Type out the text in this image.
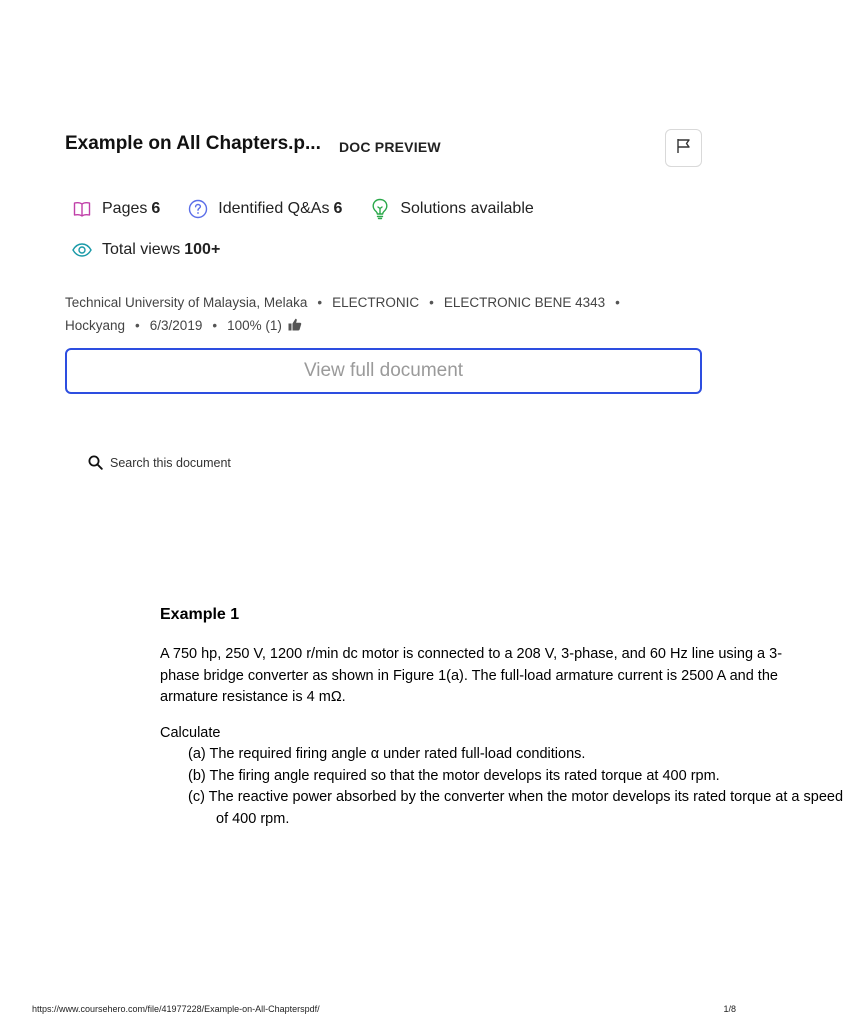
Example on All Chapters.p... DOC PREVIEW
Pages 6	Identified Q&As 6	Solutions available
Total views 100+
Technical University of Malaysia, Melaka • ELECTRONIC • ELECTRONIC BENE 4343 •
Hockyang • 6/3/2019 • 100% (1)
View full document
Search this document
Example 1

A 750 hp, 250 V, 1200 r/min dc motor is connected to a 208 V, 3-phase, and 60 Hz line using a 3-

phase bridge converter as shown in Figure 1(a). The full-load armature current is 2500 A and the

armature resistance is 4 mΩ.

Calculate

(a) The required firing angle α under rated full-load conditions.

(b) The firing angle required so that the motor develops its rated torque at 400 rpm.

(c) The reactive power absorbed by the converter when the motor develops its rated torque at a speed

of 400 rpm.

https://www.coursehero.com/file/41977228/Example-on-All-Chapterspdf/	1/8
